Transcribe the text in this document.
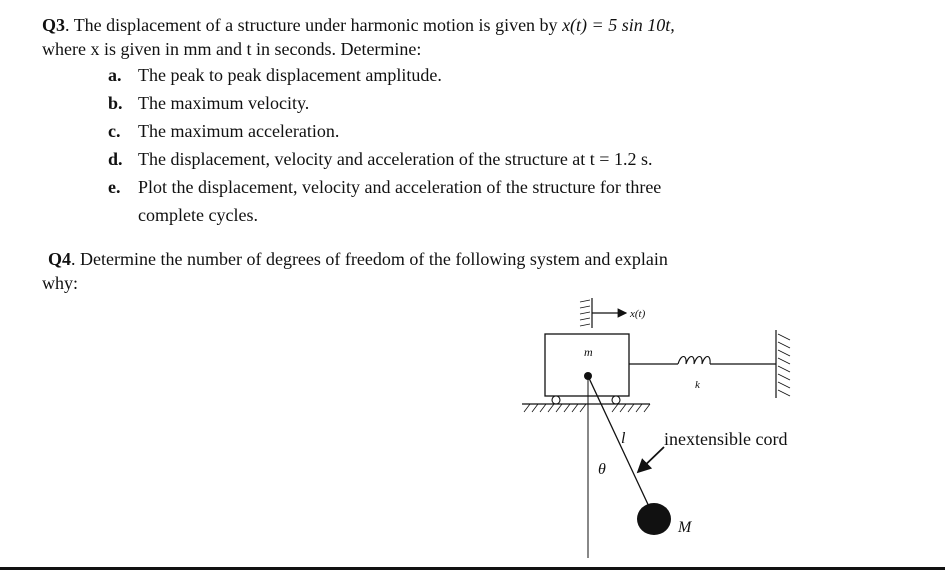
Q3. The displacement of a structure under harmonic motion is given by x(t) = 5 sin 10t,
where x is given in mm and t in seconds. Determine:
a. The peak to peak displacement amplitude.
b. The maximum velocity.
c. The maximum acceleration.
d. The displacement, velocity and acceleration of the structure at t = 1.2 s.
e. Plot the displacement, velocity and acceleration of the structure for three
complete cycles.
Q4. Determine the number of degrees of freedom of the following system and explain
why:
x(t)
m
k
M
l
θ
inextensible cord
